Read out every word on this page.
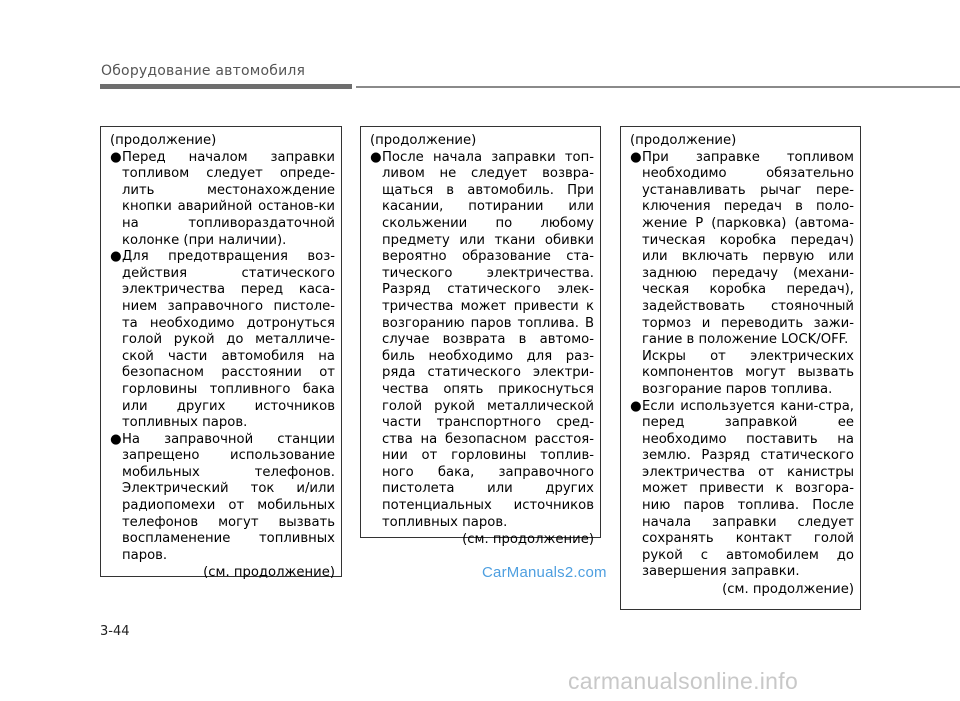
Оборудование автомобиля

(продолжение)

●Перед началом заправки топливом следует опреде-лить местонахождение кнопки аварийной останов-ки на топливораздаточной колонке (при наличии).

●Для предотвращения воз-действия статического электричества перед каса-нием заправочного пистоле-та необходимо дотронуться голой рукой до металличе-ской части автомобиля на безопасном расстоянии от горловины топливного бака или других источников топливных паров.

●На заправочной станции запрещено использование мобильных телефонов. Электрический ток и/или радиопомехи от мобильных телефонов могут вызвать воспламенение топливных паров.

(см. продолжение)

(продолжение)

●После начала заправки топ-ливом не следует возвра-щаться в автомобиль. При касании, потирании или скольжении по любому предмету или ткани обивки вероятно образование ста-тического электричества. Разряд статического элек-тричества может привести к возгоранию паров топлива. В случае возврата в автомо-биль необходимо для раз-ряда статического электри-чества опять прикоснуться голой рукой металлической части транспортного сред-ства на безопасном расстоя-нии от горловины топлив-ного бака, заправочного пистолета или других потенциальных источников топливных паров.

(см. продолжение)

(продолжение)

●При заправке топливом необходимо обязательно устанавливать рычаг пере-ключения передач в поло-жение P (парковка) (автома-тическая коробка передач) или включать первую или заднюю передачу (механи-ческая коробка передач), задействовать стояночный тормоз и переводить зажи-гание в положение LOCK/OFF.

Искры от электрических компонентов могут вызвать возгорание паров топлива.

●Если используется кани-стра, перед заправкой ее необходимо поставить на землю. Разряд статического электричества от канистры может привести к возгора-нию паров топлива. После начала заправки следует сохранять контакт голой рукой с автомобилем до завершения заправки.

(см. продолжение)

3-44
CarManuals2.com
carmanualsonline.info
